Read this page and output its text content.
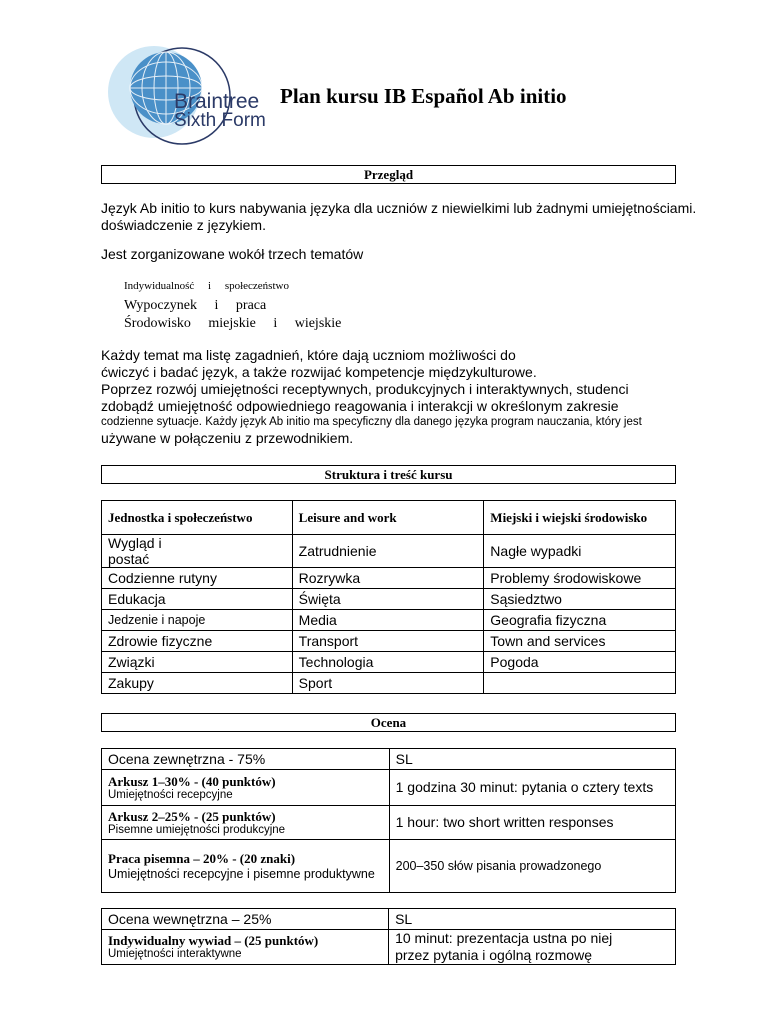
Braintree
Sixth Form
Plan kursu IB Español Ab initio
Przegląd
Język Ab initio to kurs nabywania języka dla uczniów z niewielkimi lub żadnymi umiejętnościami.
doświadczenie z językiem.
Jest zorganizowane wokół trzech tematów
Indywidualność     i     społeczeństwo
Wypoczynek     i     praca
Środowisko     miejskie     i     wiejskie
Każdy temat ma listę zagadnień, które dają uczniom możliwości do
ćwiczyć i badać język, a także rozwijać kompetencje międzykulturowe.
Poprzez rozwój umiejętności receptywnych, produkcyjnych i interaktywnych, studenci
zdobądź umiejętność odpowiedniego reagowania i interakcji w określonym zakresie
codzienne sytuacje. Każdy język Ab initio ma specyficzny dla danego języka program nauczania, który jest
używane w połączeniu z przewodnikiem.
Struktura i treść kursu
Jednostka i społeczeństwo	Leisure and work	Miejski i wiejski środowisko

Wygląd i postać	Zatrudnienie	Nagłe wypadki
Codzienne rutyny	Rozrywka	Problemy środowiskowe
Edukacja	Święta	Sąsiedztwo
Jedzenie i napoje	Media	Geografia fizyczna
Zdrowie fizyczne	Transport	Town and services
Związki	Technologia	Pogoda
Zakupy	Sport	
Ocena
Ocena zewnętrzna - 75%	SL

Arkusz 1–30% - (40 punktów)
Umiejętności recepcyjne	1 godzina 30 minut: pytania o cztery texts

Arkusz 2–25% - (25 punktów)
Pisemne umiejętności produkcyjne	1 hour: two short written responses

Praca pisemna – 20% - (20 znaki)
Umiejętności recepcyjne i pisemne produktywne	200–350 słów pisania prowadzonego
Ocena wewnętrzna – 25%	SL

Indywidualny wywiad – (25 punktów)
Umiejętności interaktywne	10 minut: prezentacja ustna po niej przez pytania i ogólną rozmowę
